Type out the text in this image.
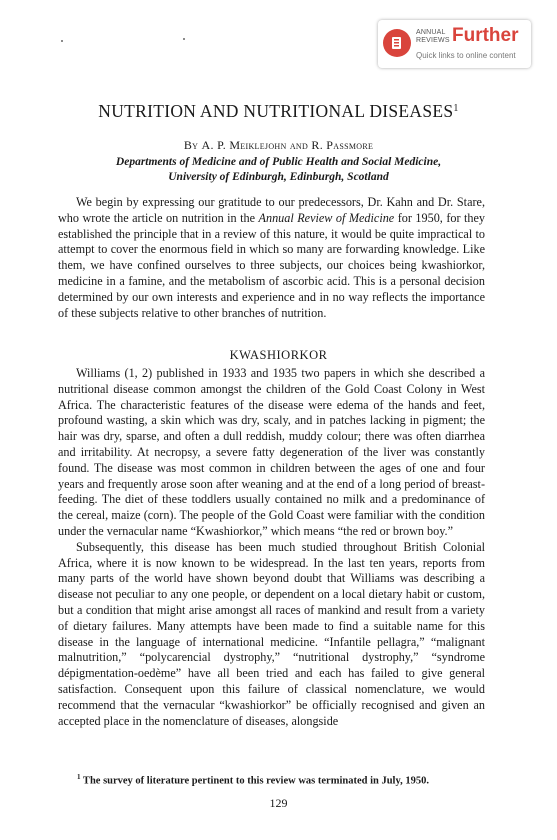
ANNUAL
REVIEWS Further
Quick links to online content
NUTRITION AND NUTRITIONAL DISEASES$^1$
By A. P. Meiklejohn and R. Passmore
Departments of Medicine and of Public Health and Social Medicine,
University of Edinburgh, Edinburgh, Scotland

We begin by expressing our gratitude to our predecessors, Dr. Kahn and Dr. Stare, who wrote the article on nutrition in the Annual Review of Medicine for 1950, for they established the principle that in a review of this nature, it would be quite impractical to attempt to cover the enormous field in which so many are forwarding knowledge. Like them, we have confined ourselves to three subjects, our choices being kwashiorkor, medicine in a famine, and the metabolism of ascorbic acid. This is a personal decision determined by our own interests and experience and in no way reflects the importance of these subjects relative to other branches of nutrition.

KWASHIORKOR

Williams (1, 2) published in 1933 and 1935 two papers in which she described a nutritional disease common amongst the children of the Gold Coast Colony in West Africa. The characteristic features of the disease were edema of the hands and feet, profound wasting, a skin which was dry, scaly, and in patches lacking in pigment; the hair was dry, sparse, and often a dull reddish, muddy colour; there was often diarrhea and irritability. At necropsy, a severe fatty degeneration of the liver was constantly found. The disease was most common in children between the ages of one and four years and frequently arose soon after weaning and at the end of a long period of breast-feeding. The diet of these toddlers usually contained no milk and a predominance of the cereal, maize (corn). The people of the Gold Coast were familiar with the condition under the vernacular name “Kwashiorkor,” which means “the red or brown boy.”

Subsequently, this disease has been much studied throughout British Colonial Africa, where it is now known to be widespread. In the last ten years, reports from many parts of the world have shown beyond doubt that Williams was describing a disease not peculiar to any one people, or dependent on a local dietary habit or custom, but a condition that might arise amongst all races of mankind and result from a variety of dietary failures. Many attempts have been made to find a suitable name for this disease in the language of international medicine. “Infantile pellagra,” “malignant malnutrition,” “polycarencial dystrophy,” “nutritional dystrophy,” “syndrome dépigmentation-oedème” have all been tried and each has failed to give general satisfaction. Consequent upon this failure of classical nomenclature, we would recommend that the vernacular “kwashiorkor” be officially recognised and given an accepted place in the nomenclature of diseases, alongside

$^1$ The survey of literature pertinent to this review was terminated in July, 1950.
129
